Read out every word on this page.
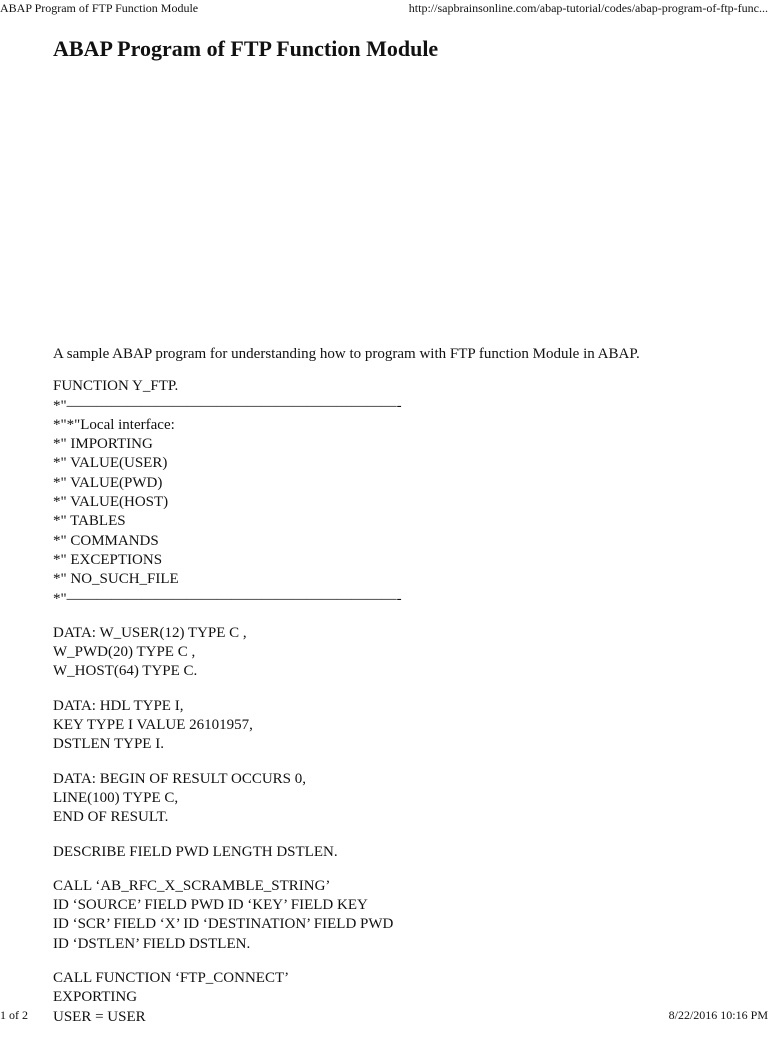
ABAP Program of FTP Function Module	http://sapbrainsonline.com/abap-tutorial/codes/abap-program-of-ftp-func...
ABAP Program of FTP Function Module

A sample ABAP program for understanding how to program with FTP function Module in ABAP.

FUNCTION Y_FTP.
*"——————————————————————-
*"*"Local interface:
*" IMPORTING
*" VALUE(USER)
*" VALUE(PWD)
*" VALUE(HOST)
*" TABLES
*" COMMANDS
*" EXCEPTIONS
*" NO_SUCH_FILE
*"——————————————————————-
DATA: W_USER(12) TYPE C ,
W_PWD(20) TYPE C ,
W_HOST(64) TYPE C.
DATA: HDL TYPE I,
KEY TYPE I VALUE 26101957,
DSTLEN TYPE I.
DATA: BEGIN OF RESULT OCCURS 0,
LINE(100) TYPE C,
END OF RESULT.
DESCRIBE FIELD PWD LENGTH DSTLEN.
CALL ‘AB_RFC_X_SCRAMBLE_STRING’
ID ‘SOURCE’ FIELD PWD ID ‘KEY’ FIELD KEY
ID ‘SCR’ FIELD ‘X’ ID ‘DESTINATION’ FIELD PWD
ID ‘DSTLEN’ FIELD DSTLEN.
CALL FUNCTION ‘FTP_CONNECT’
EXPORTING
USER = USER
1 of 2	8/22/2016 10:16 PM
